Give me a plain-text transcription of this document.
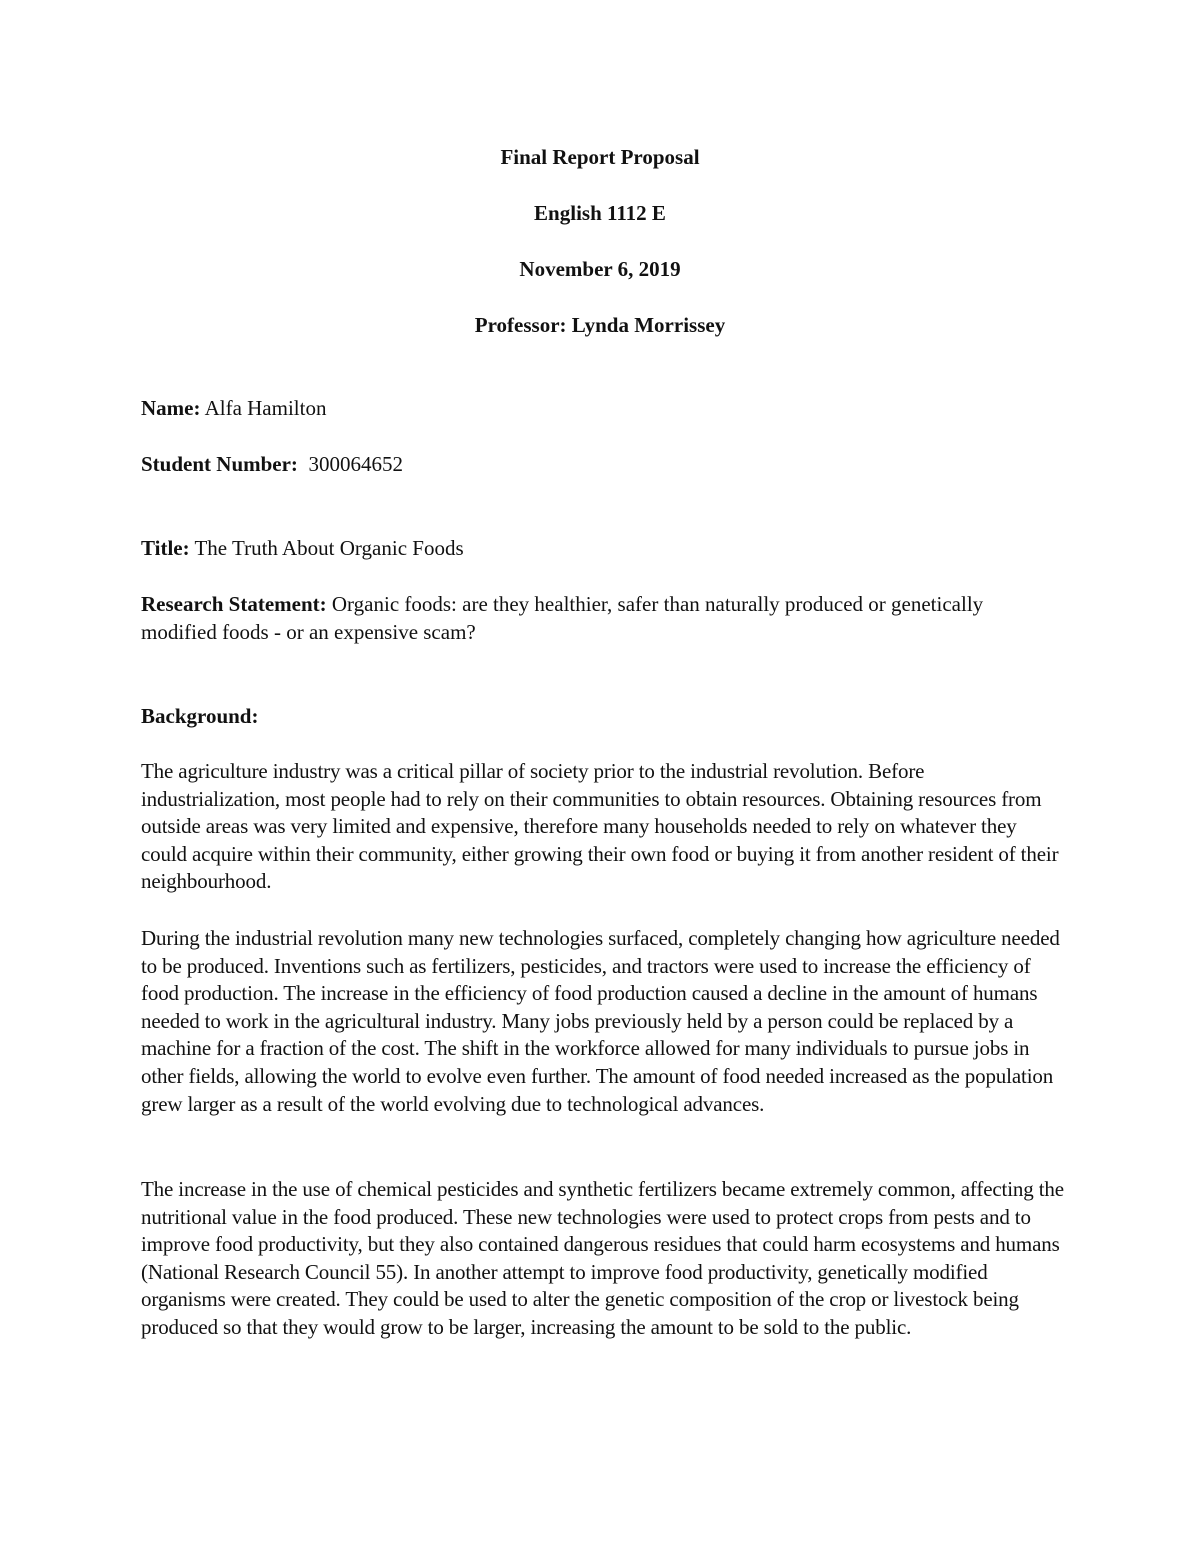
Final Report Proposal

English 1112 E

November 6, 2019

Professor: Lynda Morrissey

Name: Alfa Hamilton

Student Number:  300064652

Title: The Truth About Organic Foods

Research Statement: Organic foods: are they healthier, safer than naturally produced or genetically modified foods - or an expensive scam?

Background:

The agriculture industry was a critical pillar of society prior to the industrial revolution. Before industrialization, most people had to rely on their communities to obtain resources. Obtaining resources from outside areas was very limited and expensive, therefore many households needed to rely on whatever they could acquire within their community, either growing their own food or buying it from another resident of their neighbourhood.

During the industrial revolution many new technologies surfaced, completely changing how agriculture needed to be produced. Inventions such as fertilizers, pesticides, and tractors were used to increase the efficiency of food production. The increase in the efficiency of food production caused a decline in the amount of humans needed to work in the agricultural industry. Many jobs previously held by a person could be replaced by a machine for a fraction of the cost. The shift in the workforce allowed for many individuals to pursue jobs in other fields, allowing the world to evolve even further. The amount of food needed increased as the population grew larger as a result of the world evolving due to technological advances.

The increase in the use of chemical pesticides and synthetic fertilizers became extremely common, affecting the nutritional value in the food produced. These new technologies were used to protect crops from pests and to improve food productivity, but they also contained dangerous residues that could harm ecosystems and humans (National Research Council 55). In another attempt to improve food productivity, genetically modified organisms were created. They could be used to alter the genetic composition of the crop or livestock being produced so that they would grow to be larger, increasing the amount to be sold to the public.
